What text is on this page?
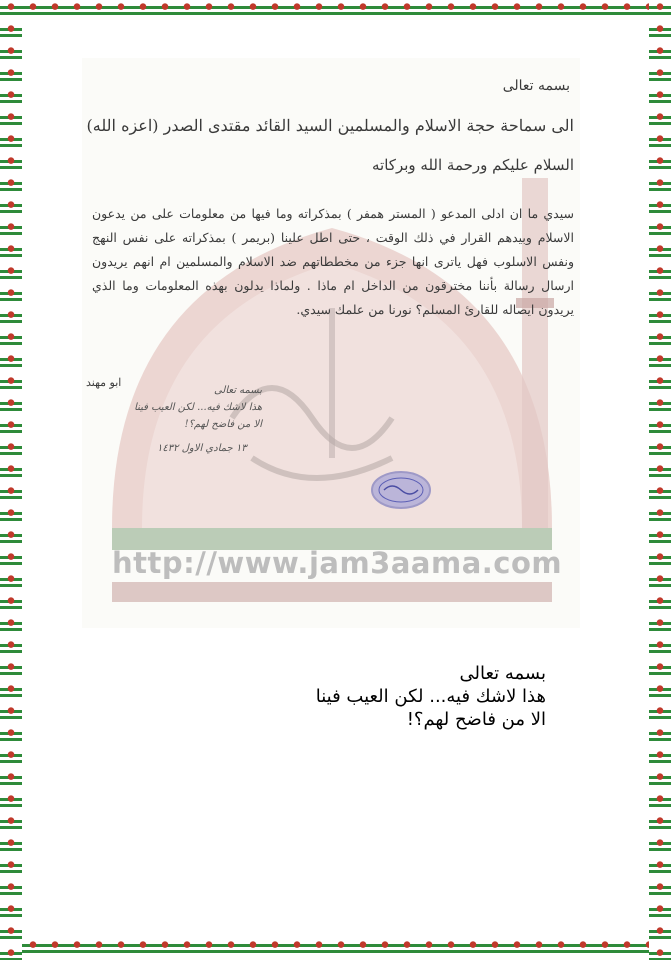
http://www.jam3aama.com
بسمه تعالى
الى سماحة حجة الاسلام والمسلمين السيد القائد مقتدى الصدر (اعزه الله)
السلام عليكم ورحمة الله وبركاته
سيدي ما ان ادلى المدعو ( المستر همفر ) بمذكراته وما فيها من معلومات على من يدعون الاسلام وبيدهم القرار في ذلك الوقت ، حتى اطل علينا (بريمر ) بمذكراته على نفس النهج ونفس الاسلوب فهل ياترى انها جزء من مخططاتهم ضد الاسلام والمسلمين ام انهم يريدون ارسال رسالة بأننا مخترقون من الداخل ام ماذا . ولماذا يدلون بهذه المعلومات وما الذي يريدون ايصاله للقارئ المسلم؟ نورنا من علمك سيدي.
ابو مهند
بسمه تعالى
هذا لاشك فيه... لكن العيب فينا
الا من فاضح لهم؟!
١٣ جمادي الاول ١٤٣٢
بسمه تعالى
هذا لاشك فيه... لكن العيب فينا
الا من فاضح لهم؟!
